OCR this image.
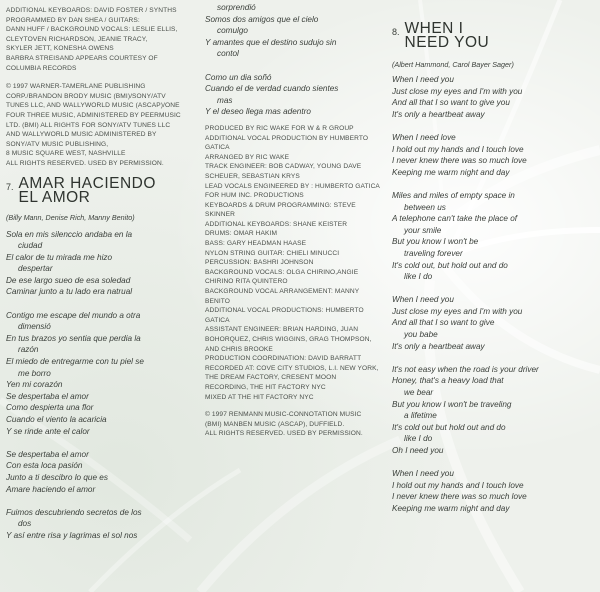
ADDITIONAL KEYBOARDS: DAVID FOSTER / SYNTHS
PROGRAMMED BY DAN SHEA / GUITARS:
DANN HUFF / BACKGROUND VOCALS: LESLIE ELLIS,
CLEYTOVEN RICHARDSON, JEANIE TRACY,
SKYLER JETT, KONESHA OWENS
BARBRA STREISAND APPEARS COURTESY OF
COLUMBIA RECORDS

© 1997 WARNER-TAMERLANE PUBLISHING
CORP./BRANDON BRODY MUSIC (BMI)/SONY/ATV
TUNES LLC, AND WALLYWORLD MUSIC (ASCAP)/ONE
FOUR THREE MUSIC, ADMINISTERED BY PEERMUSIC
LTD. (BMI) ALL RIGHTS FOR SONY/ATV TUNES LLC
AND WALLYWORLD MUSIC ADMINISTERED BY
SONY/ATV MUSIC PUBLISHING,
8 MUSIC SQUARE WEST, NASHVILLE
ALL RIGHTS RESERVED. USED BY PERMISSION.

7. AMAR HACIENDO
EL AMOR

(Billy Mann, Denise Rich, Manny Benito)

Sola en mis silenccio andaba en la
ciudad
El calor de tu mirada me hizo
despertar
De ese largo sueo de esa soledad
Caminar junto a tu lado era natrual

Contigo me escape del mundo a otra
dimensió
En tus brazos yo sentia que perdia la
razón
El miedo de entregarme con tu piel se
me borro
Yen mi corazón
Se despertaba el amor
Como despierta una flor
Cuando el viento la acaricia
Y se rinde ante el calor

Se despertaba el amor
Con esta loca pasión
Junto a ti descibro lo que es
Amare haciendo el amor

Fuimos descubriendo secretos de los
dos
Y así entre risa y lagrimas el sol nos

sorprendió
Somos dos amigos que el cielo
comulgo
Y amantes que el destino sudujo sin
contol

Como un dia soñó
Cuando el de verdad cuando sientes
mas
Y el deseo llega mas adentro

PRODUCED BY RIC WAKE FOR W & R GROUP
ADDITIONAL VOCAL PRODUCTION BY HUMBERTO
GATICA
ARRANGED BY RIC WAKE
TRACK ENGINEER: BOB CADWAY, YOUNG DAVE
SCHEUER, SEBASTIAN KRYS
LEAD VOCALS ENGINEERED BY : HUMBERTO GATICA
FOR HUM INC. PRODUCTIONS
KEYBOARDS & DRUM PROGRAMMING: STEVE
SKINNER
ADDITIONAL KEYBOARDS: SHANE KEISTER
DRUMS: OMAR HAKIM
BASS: GARY HEADMAN HAASE
NYLON STRING GUITAR: CHIELI MINUCCI
PERCUSSION: BASHRI JOHNSON
BACKGROUND VOCALS: OLGA CHIRINO,ANGIE
CHIRINO RITA QUINTERO
BACKGROUND VOCAL ARRANGEMENT: MANNY
BENITO
ADDITIONAL VOCAL PRODUCTIONS: HUMBERTO
GATICA
ASSISTANT ENGINEER: BRIAN HARDING, JUAN
BOHORQUEZ, CHRIS WIGGINS, GRAG THOMPSON,
AND CHRIS BROOKE
PRODUCTION COORDINATION: DAVID BARRATT
RECORDED AT: COVE CITY STUDIOS, L.I. NEW YORK,
THE DREAM FACTORY, CRESENT MOON
RECORDING, THE HIT FACTORY NYC
MIXED AT THE HIT FACTORY NYC

© 1997 RENMANN MUSIC-CONNOTATION MUSIC
(BMI) MANBEN MUSIC (ASCAP), DUFFIELD.
ALL RIGHTS RESERVED. USED BY PERMISSION.

8. WHEN I
NEED YOU

(Albert Hammond, Carol Bayer Sager)

When I need you
Just close my eyes and I'm with you
And all that I so want to give you
It's only a heartbeat away

When I need love
I hold out my hands and I touch love
I never knew there was so much love
Keeping me warm night and day

Miles and miles of empty space in
between us
A telephone can't take the place of
your smile
But you know I won't be
traveling forever
It's cold out, but hold out and do
like I do

When I need you
Just close my eyes and I'm with you
And all that I so want to give
you babe
It's only a heartbeat away

It's not easy when the road is your driver
Honey, that's a heavy load that
we bear
But you know I won't be traveling
a lifetime
It's cold out but hold out and do
like I do
Oh I need you

When I need you
I hold out my hands and I touch love
I never knew there was so much love
Keeping me warm night and day
